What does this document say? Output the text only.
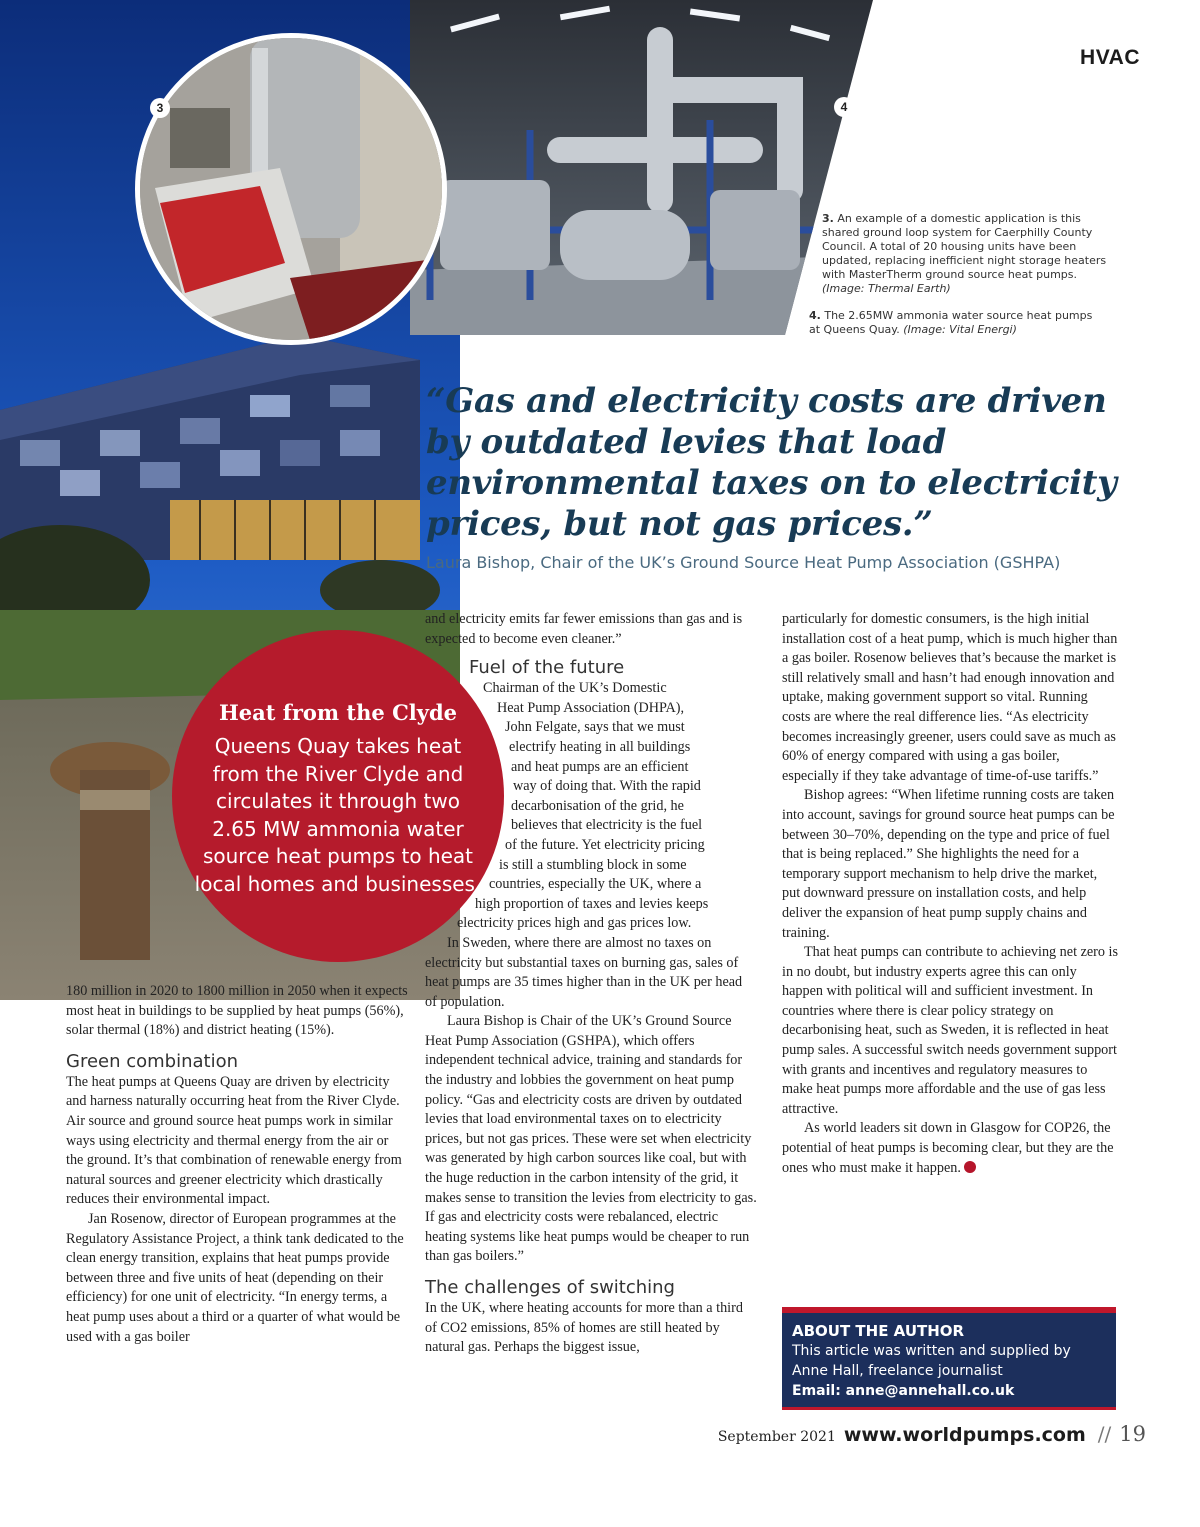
3	4
HVAC
3. An example of a domestic application is this shared ground loop system for Caerphilly County Council. A total of 20 housing units have been updated, replacing inefficient night storage heaters with MasterTherm ground source heat pumps. (Image: Thermal Earth)
4. The 2.65MW ammonia water source heat pumps at Queens Quay. (Image: Vital Energi)
“Gas and electricity costs are driven by outdated levies that load environmental taxes on to electricity prices, but not gas prices.”
Laura Bishop, Chair of the UK’s Ground Source Heat Pump Association (GSHPA)

180 million in 2020 to 1800 million in 2050 when it expects most heat in buildings to be supplied by heat pumps (56%), solar thermal (18%) and district heating (15%).

Green combination

The heat pumps at Queens Quay are driven by electricity and harness naturally occurring heat from the River Clyde. Air source and ground source heat pumps work in similar ways using electricity and thermal energy from the air or the ground. It’s that combination of renewable energy from natural sources and greener electricity which drastically reduces their environmental impact.

Jan Rosenow, director of European programmes at the Regulatory Assistance Project, a think tank dedicated to the clean energy transition, explains that heat pumps provide between three and five units of heat (depending on their efficiency) for one unit of electricity. “In energy terms, a heat pump uses about a third or a quarter of what would be used with a gas boiler

and electricity emits far fewer emissions than gas and is expected to become even cleaner.”

Fuel of the future
Chairman of the UK’s Domestic
Heat Pump Association (DHPA),
John Felgate, says that we must
electrify heating in all buildings
and heat pumps are an efficient
way of doing that. With the rapid
decarbonisation of the grid, he
believes that electricity is the fuel
of the future. Yet electricity pricing
is still a stumbling block in some
countries, especially the UK, where a
high proportion of taxes and levies keeps
electricity prices high and gas prices low.

In Sweden, where there are almost no taxes on electricity but substantial taxes on burning gas, sales of heat pumps are 35 times higher than in the UK per head of population.

Laura Bishop is Chair of the UK’s Ground Source Heat Pump Association (GSHPA), which offers independent technical advice, training and standards for the industry and lobbies the government on heat pump policy. “Gas and electricity costs are driven by outdated levies that load environmental taxes on to electricity prices, but not gas prices. These were set when electricity was generated by high carbon sources like coal, but with the huge reduction in the carbon intensity of the grid, it makes sense to transition the levies from electricity to gas. If gas and electricity costs were rebalanced, electric heating systems like heat pumps would be cheaper to run than gas boilers.”

The challenges of switching

In the UK, where heating accounts for more than a third of CO2 emissions, 85% of homes are still heated by natural gas. Perhaps the biggest issue,

particularly for domestic consumers, is the high initial installation cost of a heat pump, which is much higher than a gas boiler. Rosenow believes that’s because the market is still relatively small and hasn’t had enough innovation and uptake, making government support so vital. Running costs are where the real difference lies. “As electricity becomes increasingly greener, users could save as much as 60% of energy compared with using a gas boiler, especially if they take advantage of time-of-use tariffs.”

Bishop agrees: “When lifetime running costs are taken into account, savings for ground source heat pumps can be between 30–70%, depending on the type and price of fuel that is being replaced.” She highlights the need for a temporary support mechanism to help drive the market, put downward pressure on installation costs, and help deliver the expansion of heat pump supply chains and training.

That heat pumps can contribute to achieving net zero is in no doubt, but industry experts agree this can only happen with political will and sufficient investment. In countries where there is clear policy strategy on decarbonising heat, such as Sweden, it is reflected in heat pump sales. A successful switch needs government support with grants and incentives and regulatory measures to make heat pumps more affordable and the use of gas less attractive.

As world leaders sit down in Glasgow for COP26, the potential of heat pumps is becoming clear, but they are the ones who must make it happen.

Heat from the Clyde
Queens Quay takes heat from the River Clyde and circulates it through two 2.65 MW ammonia water source heat pumps to heat local homes and businesses.

ABOUT THE AUTHOR

This article was written and supplied by Anne Hall, freelance journalist

Email: anne@annehall.co.uk

September 2021 www.worldpumps.com // 19
